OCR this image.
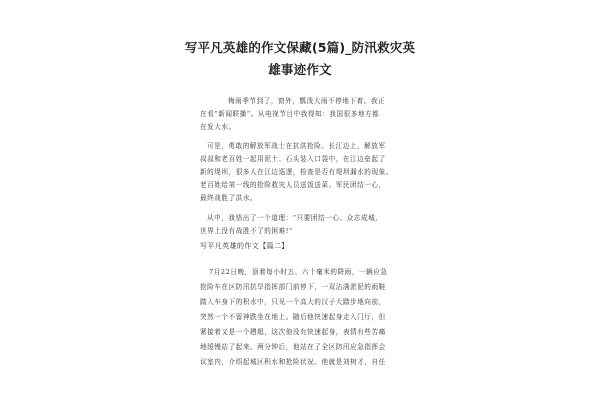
写平凡英雄的作文保藏(5篇)_防汛救灾英
雄事迹作文
梅雨季节到了，窗外，瓢泼大雨不停地下着。我正
在看“新闻联播”。从电视节目中我得知：我国很多地方都
在发大水。
可是，勇敢的解放军战士在抗洪抢险。长江边上，解放军
叔叔和老百姓一起用泥土、石头装入口袋中，在江边垒起了
新的堤坝，很多人在江边巡逻，检查是否有堤坝漏水的现象。
老百姓给第一线的抢险救灾人员送饭送菜。军民团结一心，
最终战胜了洪水。
从中，我悟出了一个道理：“只要团结一心、众志成城，
世界上没有战胜不了的困难!”
写平凡英雄的作文【篇二】
7月22日晚，顶着每小时五、六十毫米的降雨，一辆应急
抢险车在区防汛抗旱指挥部门前停下，一双沾满淤泥的雨鞋
踏入车身下的积水中，只见一个高大的汉子大踏步地向前，
突然一个不留神跌坐在地上。随后他快速起身走入门厅，但
紧接着又是一个趔趄，这次他没有快速起身，表情有些苦痛
地缓慢站了起来。两分钟后，他站在了全区防汛应急指挥会
议室内，介绍起城区积水和抢险状况。他就是刘树才，自任
